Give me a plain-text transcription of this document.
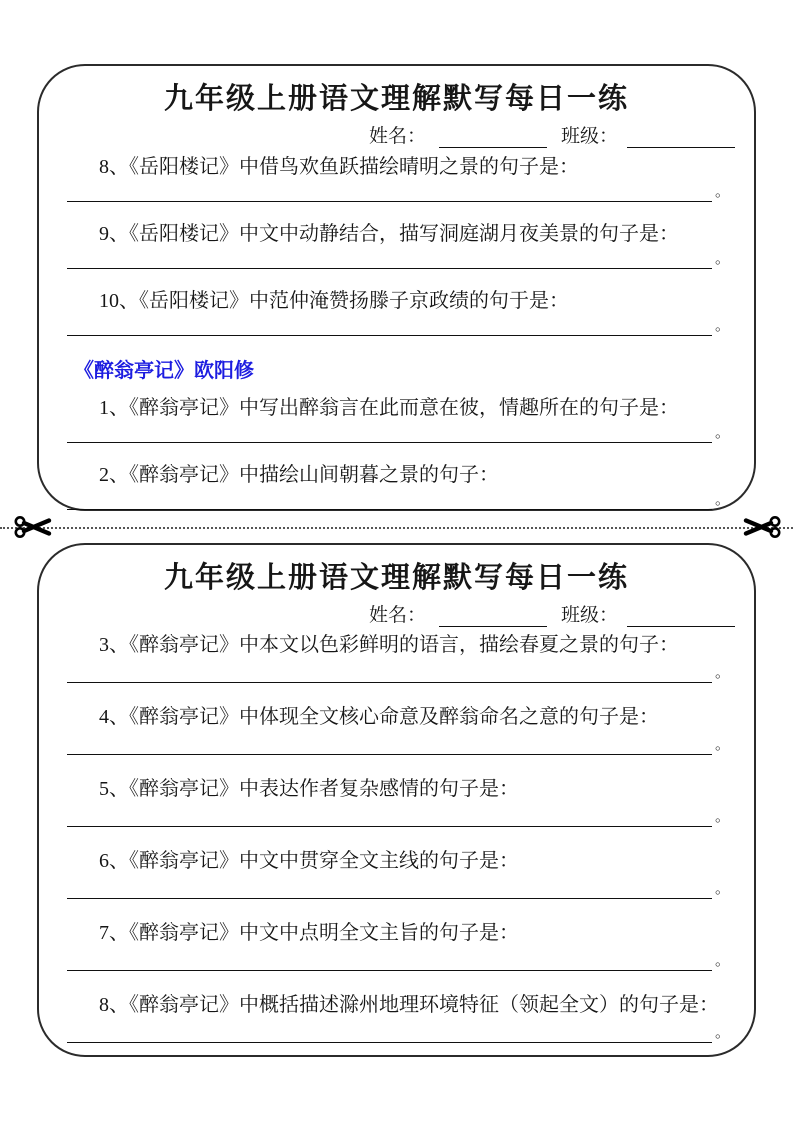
九年级上册语文理解默写每日一练
姓名：	班级：
8、《岳阳楼记》中借鸟欢鱼跃描绘晴明之景的句子是：
。
9、《岳阳楼记》中文中动静结合，描写洞庭湖月夜美景的句子是：
。
10、《岳阳楼记》中范仲淹赞扬滕子京政绩的句于是：
。
《醉翁亭记》欧阳修
1、《醉翁亭记》中写出醉翁言在此而意在彼，情趣所在的句子是：
。
2、《醉翁亭记》中描绘山间朝暮之景的句子：
。
九年级上册语文理解默写每日一练
姓名：	班级：
3、《醉翁亭记》中本文以色彩鲜明的语言，描绘春夏之景的句子：
。
4、《醉翁亭记》中体现全文核心命意及醉翁命名之意的句子是：
。
5、《醉翁亭记》中表达作者复杂感情的句子是：
。
6、《醉翁亭记》中文中贯穿全文主线的句子是：
。
7、《醉翁亭记》中文中点明全文主旨的句子是：
。
8、《醉翁亭记》中概括描述滁州地理环境特征（领起全文）的句子是：
。
